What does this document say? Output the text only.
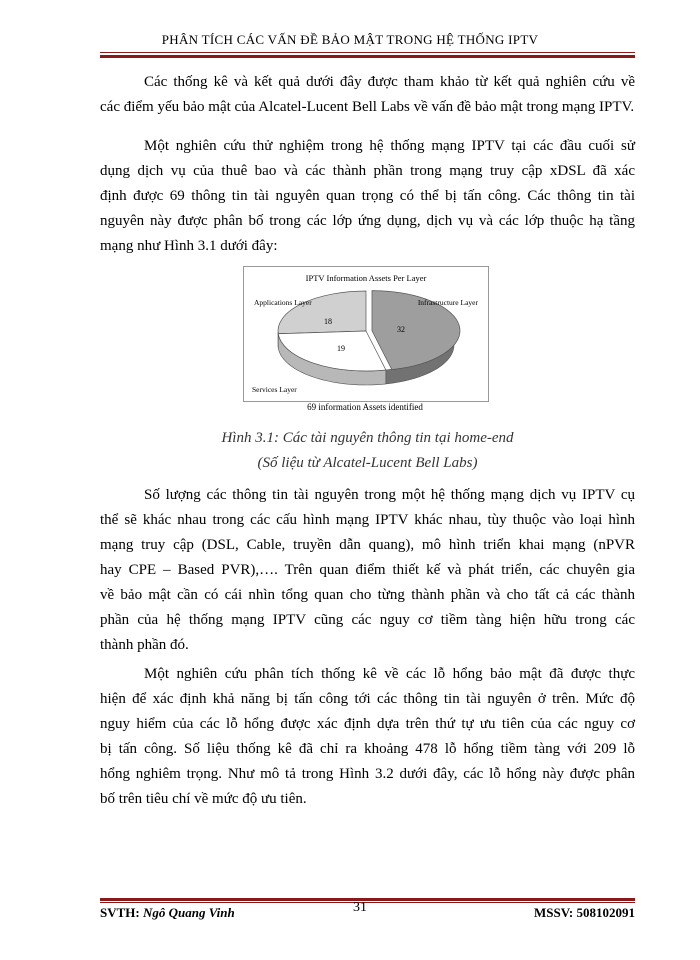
PHÂN TÍCH CÁC VẤN ĐỀ BẢO MẬT TRONG HỆ THỐNG IPTV
Các thống kê và kết quả dưới đây được tham khảo từ kết quả nghiên cứu về
các điểm yếu bảo mật của Alcatel-Lucent Bell Labs về vấn đề bảo mật trong mạng IPTV.
Một nghiên cứu thử nghiệm trong hệ thống mạng IPTV tại các đầu cuối sử
dụng dịch vụ của thuê bao và các thành phần trong mạng truy cập xDSL đã xác
định được 69 thông tin tài nguyên quan trọng có thể bị tấn công. Các thông tin tài
nguyên này được phân bố trong các lớp ứng dụng, dịch vụ và các lớp thuộc hạ tầng
mạng như Hình 3.1 dưới đây:
IPTV Information Assets Per Layer
Applications Layer	Infrastructure Layer
Services Layer
18
32
19
69 information Assets identified
Hình 3.1: Các tài nguyên thông tin tại home-end
(Số liệu từ Alcatel-Lucent Bell Labs)
Số lượng các thông tin tài nguyên trong một hệ thống mạng dịch vụ IPTV cụ
thể sẽ khác nhau trong các cấu hình mạng IPTV khác nhau, tùy thuộc vào loại hình
mạng truy cập (DSL, Cable, truyền dẫn quang), mô hình triển khai mạng (nPVR
hay CPE – Based PVR),…. Trên quan điểm thiết kế và phát triển, các chuyên gia
về bảo mật cần có cái nhìn tổng quan cho từng thành phần và cho tất cả các thành
phần của hệ thống mạng IPTV cũng các nguy cơ tiềm tàng hiện hữu trong các
thành phần đó.
Một nghiên cứu phân tích thống kê về các lỗ hổng bảo mật đã được thực
hiện để xác định khả năng bị tấn công tới các thông tin tài nguyên ở trên. Mức độ
nguy hiểm của các lỗ hổng được xác định dựa trên thứ tự ưu tiên của các nguy cơ
bị tấn công. Số liệu thống kê đã chỉ ra khoảng 478 lỗ hổng tiềm tàng với 209 lỗ
hổng nghiêm trọng. Như mô tả trong Hình 3.2 dưới đây, các lỗ hổng này được phân
bố trên tiêu chí về mức độ ưu tiên.
SVTH: Ngô Quang Vinh	31	MSSV: 508102091
